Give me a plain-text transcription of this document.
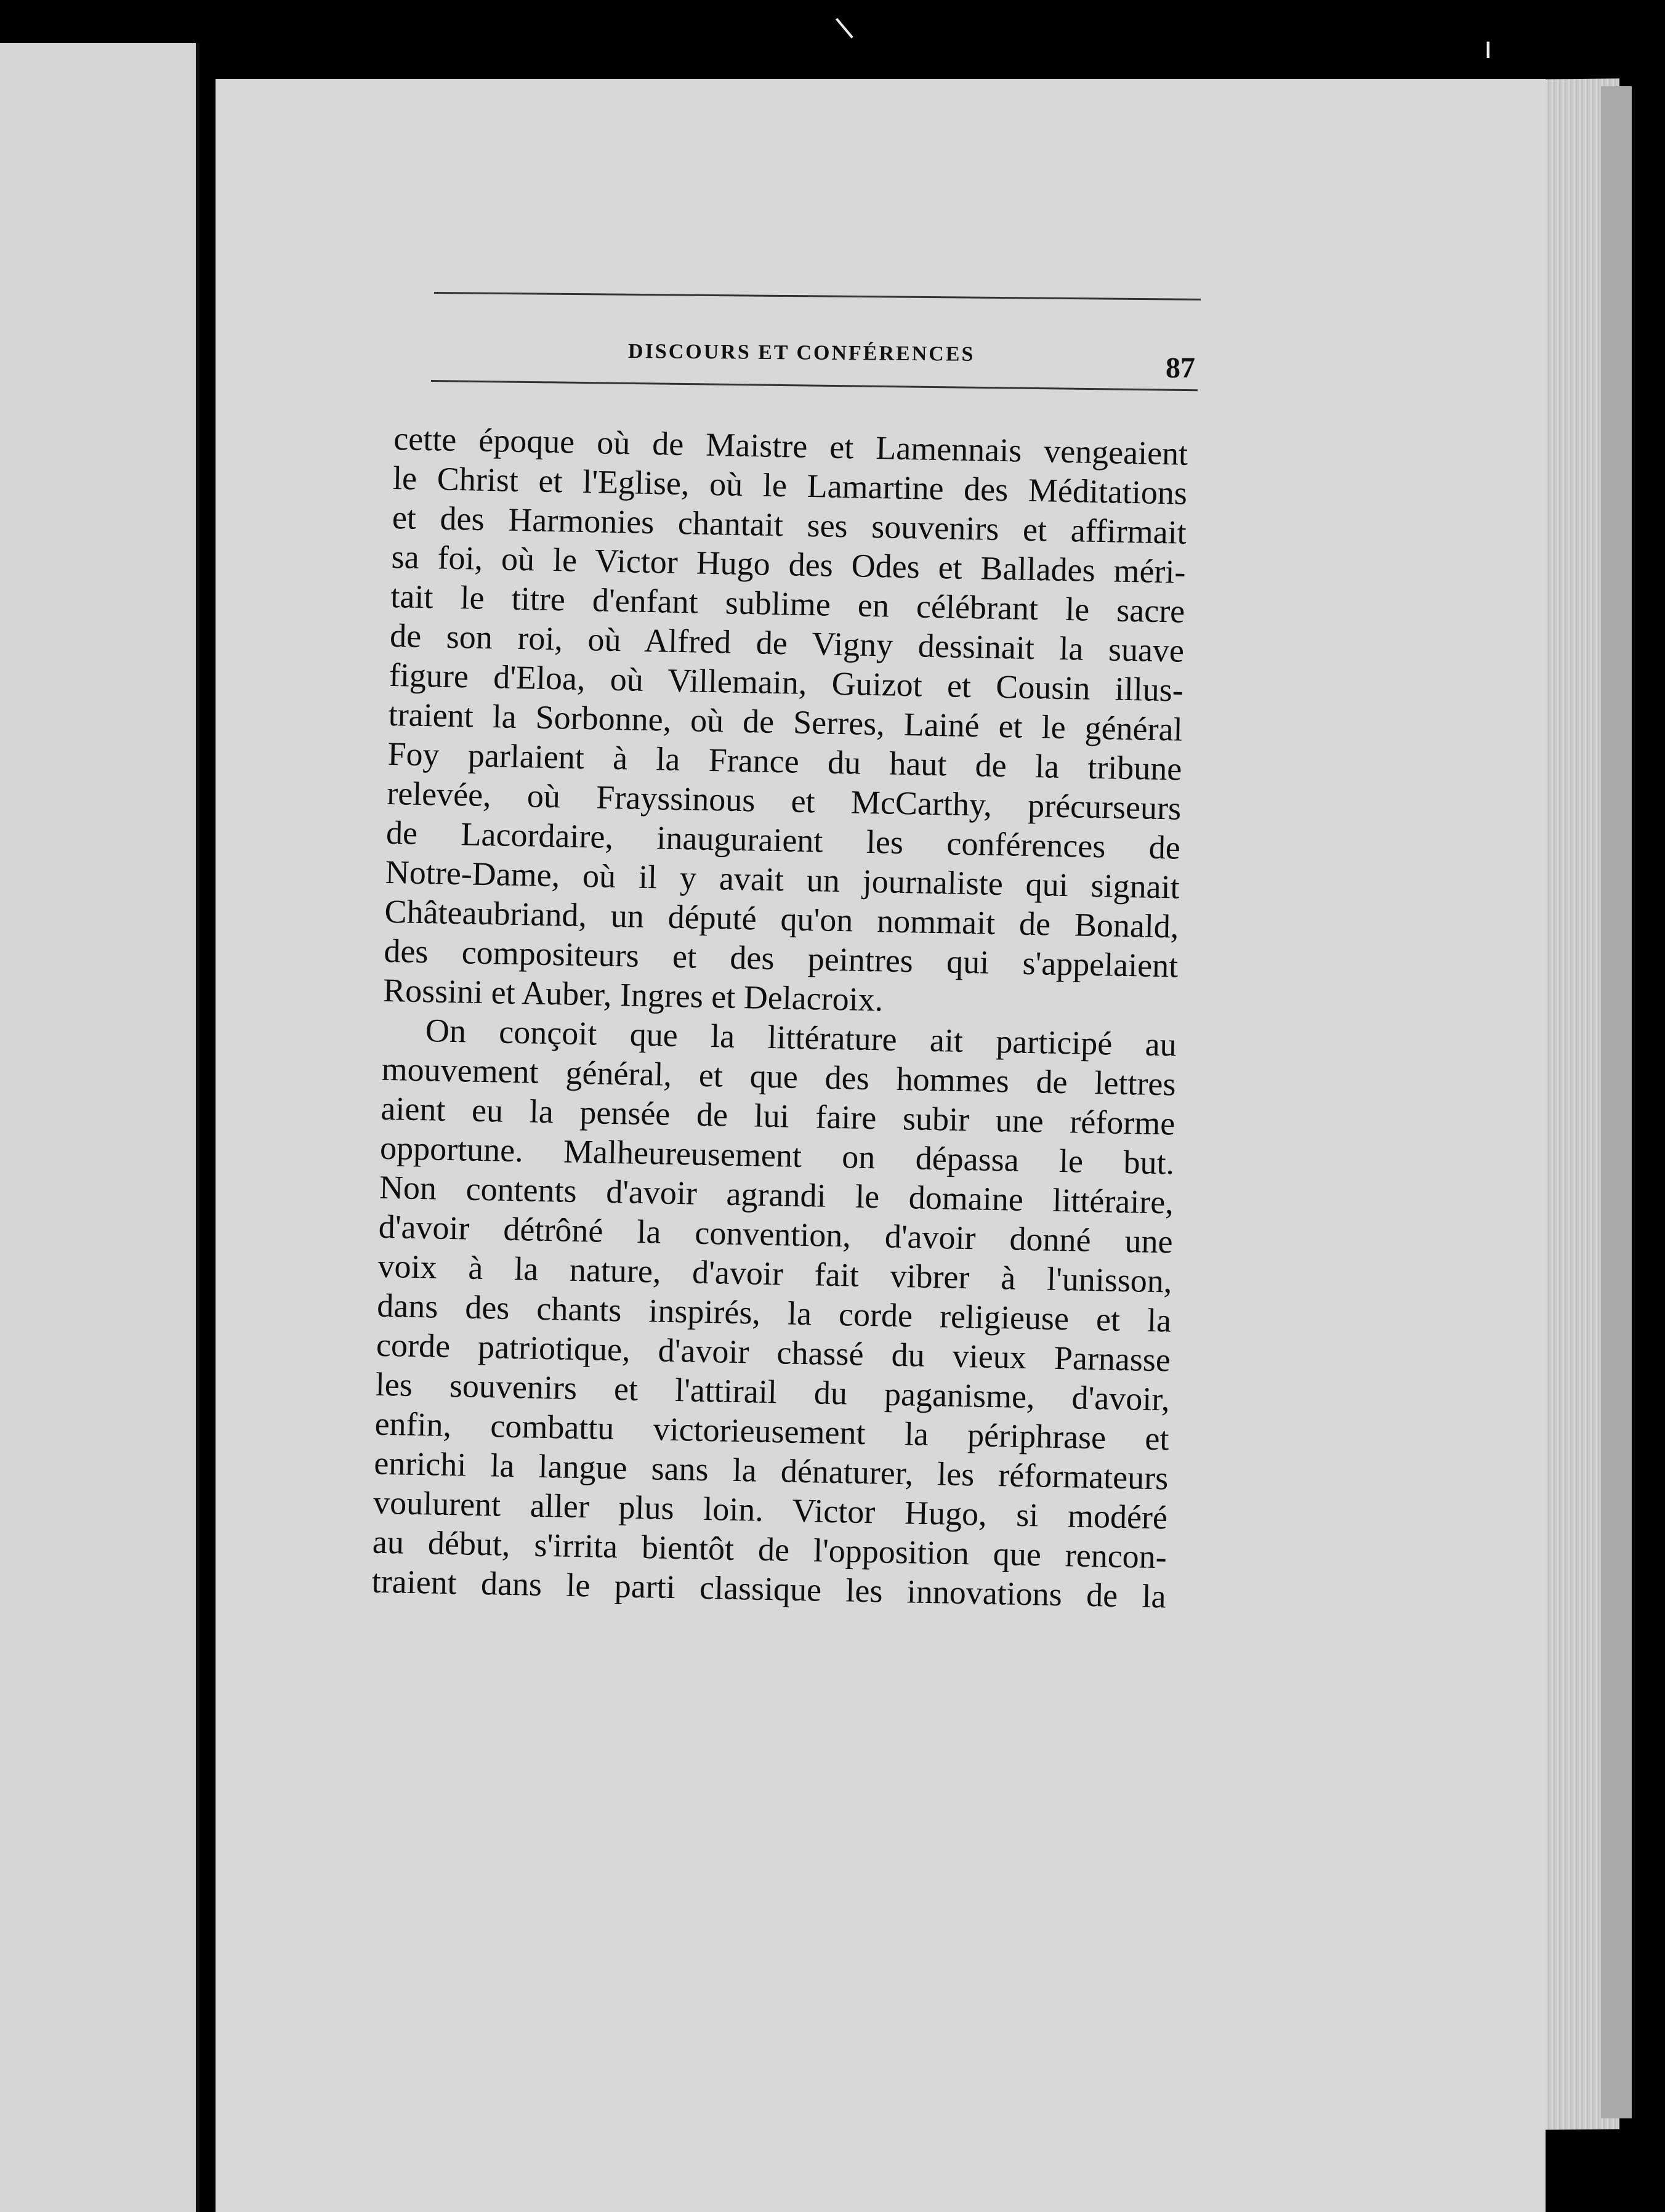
ı
DISCOURS ET CONFÉRENCES	87
cette époque où de Maistre et Lamennais vengeaient
le Christ et l'Eglise, où le Lamartine des Méditations
et des Harmonies chantait ses souvenirs et affirmait
sa foi, où le Victor Hugo des Odes et Ballades méri-
tait le titre d'enfant sublime en célébrant le sacre
de son roi, où Alfred de Vigny dessinait la suave
figure d'Eloa, où Villemain, Guizot et Cousin illus-
traient la Sorbonne, où de Serres, Lainé et le général
Foy parlaient à la France du haut de la tribune
relevée, où Frayssinous et McCarthy, précurseurs
de Lacordaire, inauguraient les conférences de
Notre-Dame, où il y avait un journaliste qui signait
Châteaubriand, un député qu'on nommait de Bonald,
des compositeurs et des peintres qui s'appelaient
Rossini et Auber, Ingres et Delacroix.
On conçoit que la littérature ait participé au
mouvement général, et que des hommes de lettres
aient eu la pensée de lui faire subir une réforme
opportune. Malheureusement on dépassa le but.
Non contents d'avoir agrandi le domaine littéraire,
d'avoir détrôné la convention, d'avoir donné une
voix à la nature, d'avoir fait vibrer à l'unisson,
dans des chants inspirés, la corde religieuse et la
corde patriotique, d'avoir chassé du vieux Parnasse
les souvenirs et l'attirail du paganisme, d'avoir,
enfin, combattu victorieusement la périphrase et
enrichi la langue sans la dénaturer, les réformateurs
voulurent aller plus loin. Victor Hugo, si modéré
au début, s'irrita bientôt de l'opposition que rencon-
traient dans le parti classique les innovations de la
